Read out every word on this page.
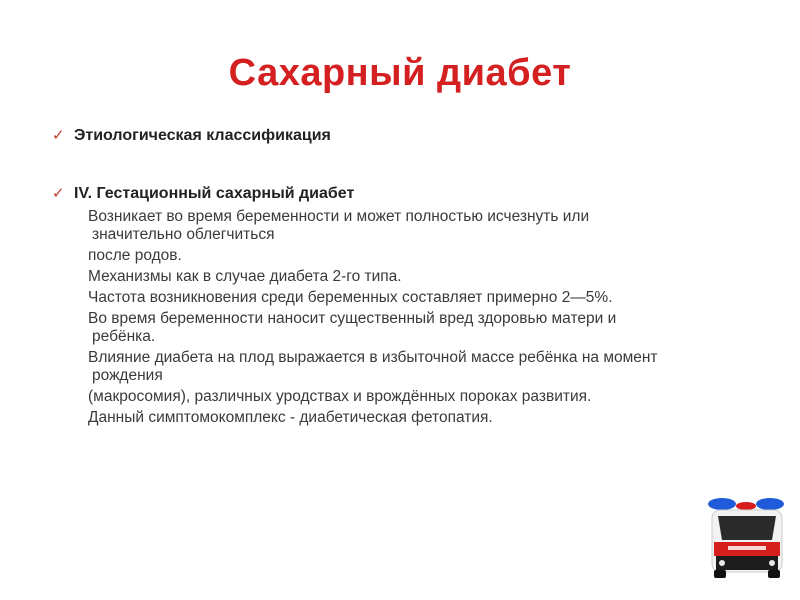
Сахарный диабет
✓ Этиологическая классификация
✓ IV. Гестационный сахарный диабет

Возникает во время беременности и может полностью исчезнуть или

значительно облегчиться

после родов.

Механизмы как в случае диабета 2-го типа.

Частота возникновения среди беременных составляет примерно 2—5%.

Во время беременности наносит существенный вред здоровью матери и

ребёнка.

Влияние диабета на плод выражается в избыточной массе ребёнка на момент

рождения

(макросомия), различных уродствах и врождённых пороках развития.

Данный симптомокомплекс - диабетическая фетопатия.
